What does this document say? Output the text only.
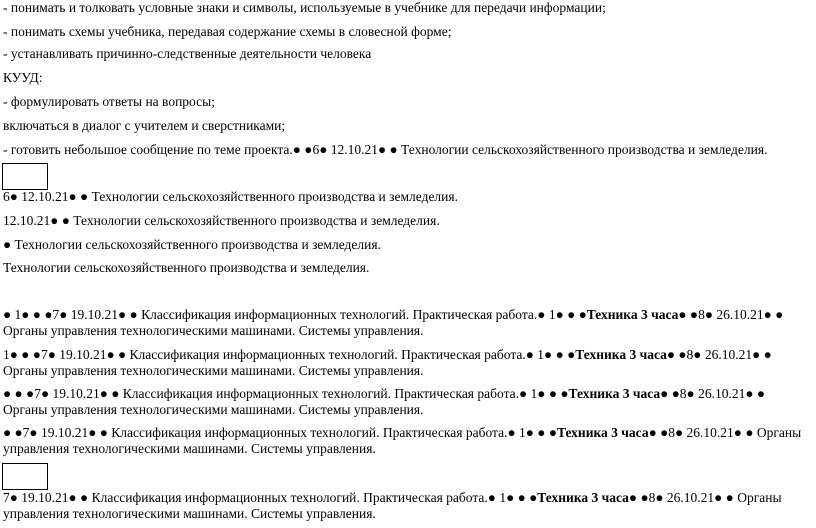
- понимать и толковать условные знаки и символы, используемые в учебнике для передачи информации;
- понимать схемы учебника, передавая содержание схемы в словесной форме;
- устанавливать причинно-следственные деятельности человека
КУУД:
- формулировать ответы на вопросы;
включаться в диалог с учителем и сверстниками;
- готовить небольшое сообщение по теме проекта.● ●6● 12.10.21● ● Технологии сельскохозяйственного производства и земледелия.
6● 12.10.21● ● Технологии сельскохозяйственного производства и земледелия.
12.10.21● ● Технологии сельскохозяйственного производства и земледелия.
● Технологии сельскохозяйственного производства и земледелия.
Технологии сельскохозяйственного производства и земледелия.
● 1● ● ●7● 19.10.21● ● Классификация информационных технологий. Практическая работа.● 1● ● ●Техника 3 часа● ●8● 26.10.21● ● Органы управления технологическими машинами. Системы управления.
1● ● ●7● 19.10.21● ● Классификация информационных технологий. Практическая работа.● 1● ● ●Техника 3 часа● ●8● 26.10.21● ● Органы управления технологическими машинами. Системы управления.
● ● ●7● 19.10.21● ● Классификация информационных технологий. Практическая работа.● 1● ● ●Техника 3 часа● ●8● 26.10.21● ● Органы управления технологическими машинами. Системы управления.
● ●7● 19.10.21● ● Классификация информационных технологий. Практическая работа.● 1● ● ●Техника 3 часа● ●8● 26.10.21● ● Органы управления технологическими машинами. Системы управления.
7● 19.10.21● ● Классификация информационных технологий. Практическая работа.● 1● ● ●Техника 3 часа● ●8● 26.10.21● ● Органы управления технологическими машинами. Системы управления.
